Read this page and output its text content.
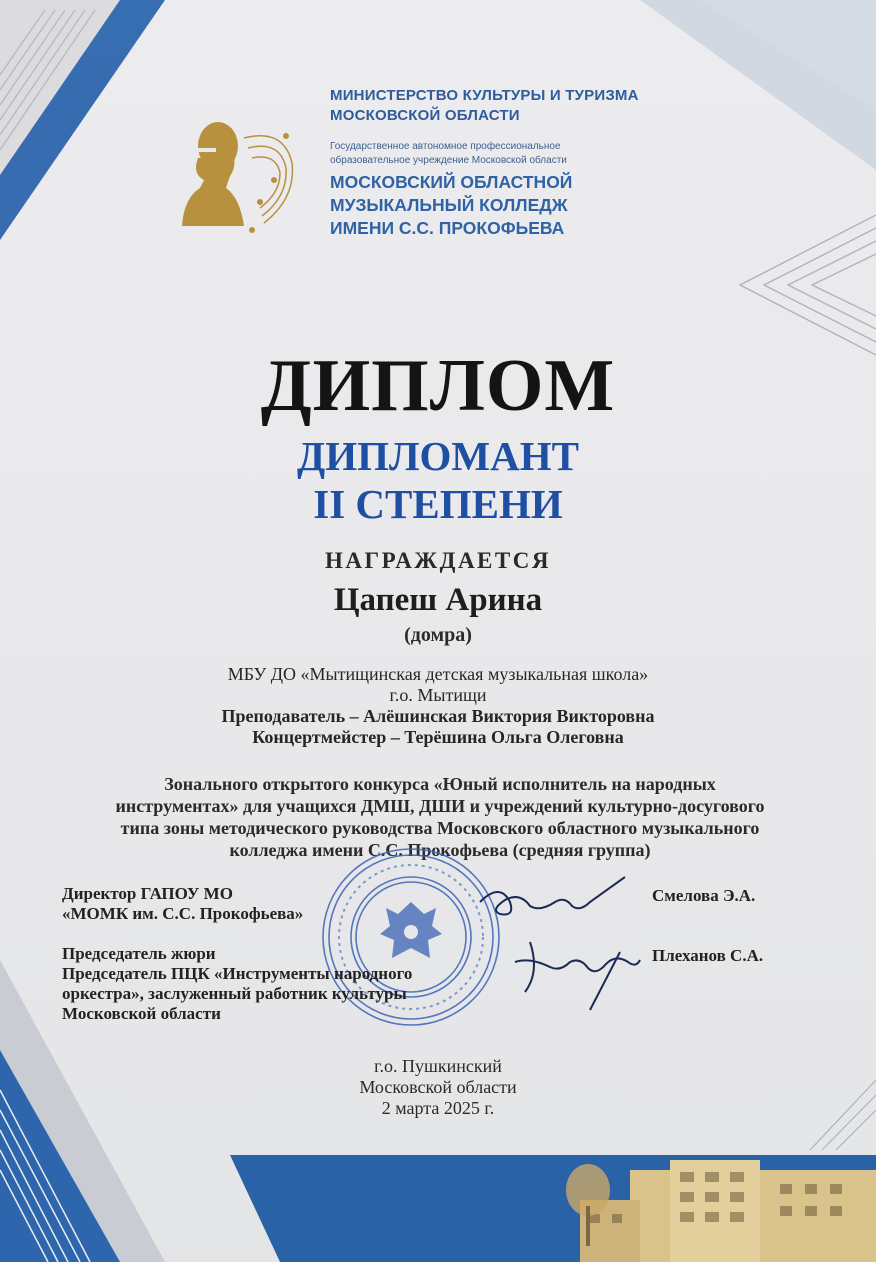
МИНИСТЕРСТВО КУЛЬТУРЫ И ТУРИЗМА
МОСКОВСКОЙ ОБЛАСТИ
Государственное автономное профессиональное
образовательное учреждение Московской области
МОСКОВСКИЙ ОБЛАСТНОЙ
МУЗЫКАЛЬНЫЙ КОЛЛЕДЖ
ИМЕНИ С.С. ПРОКОФЬЕВА
ДИПЛОМ
ДИПЛОМАНТ
II СТЕПЕНИ
НАГРАЖДАЕТСЯ
Цапеш Арина
(домра)
МБУ ДО «Мытищинская детская музыкальная школа»
г.о. Мытищи
Преподаватель – Алёшинская Виктория Викторовна
Концертмейстер – Терёшина Ольга Олеговна
Зонального открытого конкурса «Юный исполнитель на народных
инструментах» для учащихся ДМШ, ДШИ и учреждений культурно-досугового
типа зоны методического руководства Московского областного музыкального
колледжа имени С.С. Прокофьева (средняя группа)
Директор ГАПОУ МО
«МОМК им. С.С. Прокофьева»
Смелова Э.А.
Председатель жюри
Председатель ПЦК «Инструменты народного
оркестра», заслуженный работник культуры
Московской области
Плеханов С.А.
г.о. Пушкинский
Московской области
2 марта 2025 г.
